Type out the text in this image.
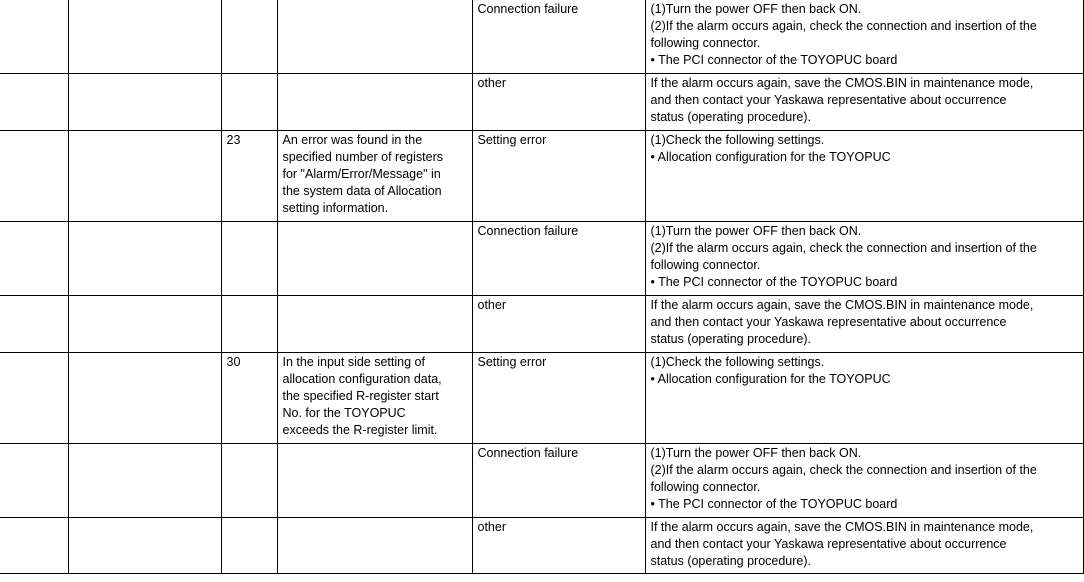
				Connection failure	(1)Turn the power OFF then back ON.
(2)If the alarm occurs again, check the connection and insertion of the
following connector.
• The PCI connector of the TOYOPUC board

				other	If the alarm occurs again, save the CMOS.BIN in maintenance mode,
and then contact your Yaskawa representative about occurrence
status (operating procedure).

		23	An error was found in the
specified number of registers
for "Alarm/Error/Message" in
the system data of Allocation
setting information.	Setting error	(1)Check the following settings.
• Allocation configuration for the TOYOPUC

				Connection failure	(1)Turn the power OFF then back ON.
(2)If the alarm occurs again, check the connection and insertion of the
following connector.
• The PCI connector of the TOYOPUC board

				other	If the alarm occurs again, save the CMOS.BIN in maintenance mode,
and then contact your Yaskawa representative about occurrence
status (operating procedure).

		30	In the input side setting of
allocation configuration data,
the specified R-register start
No. for the TOYOPUC
exceeds the R-register limit.	Setting error	(1)Check the following settings.
• Allocation configuration for the TOYOPUC

				Connection failure	(1)Turn the power OFF then back ON.
(2)If the alarm occurs again, check the connection and insertion of the
following connector.
• The PCI connector of the TOYOPUC board

				other	If the alarm occurs again, save the CMOS.BIN in maintenance mode,
and then contact your Yaskawa representative about occurrence
status (operating procedure).
